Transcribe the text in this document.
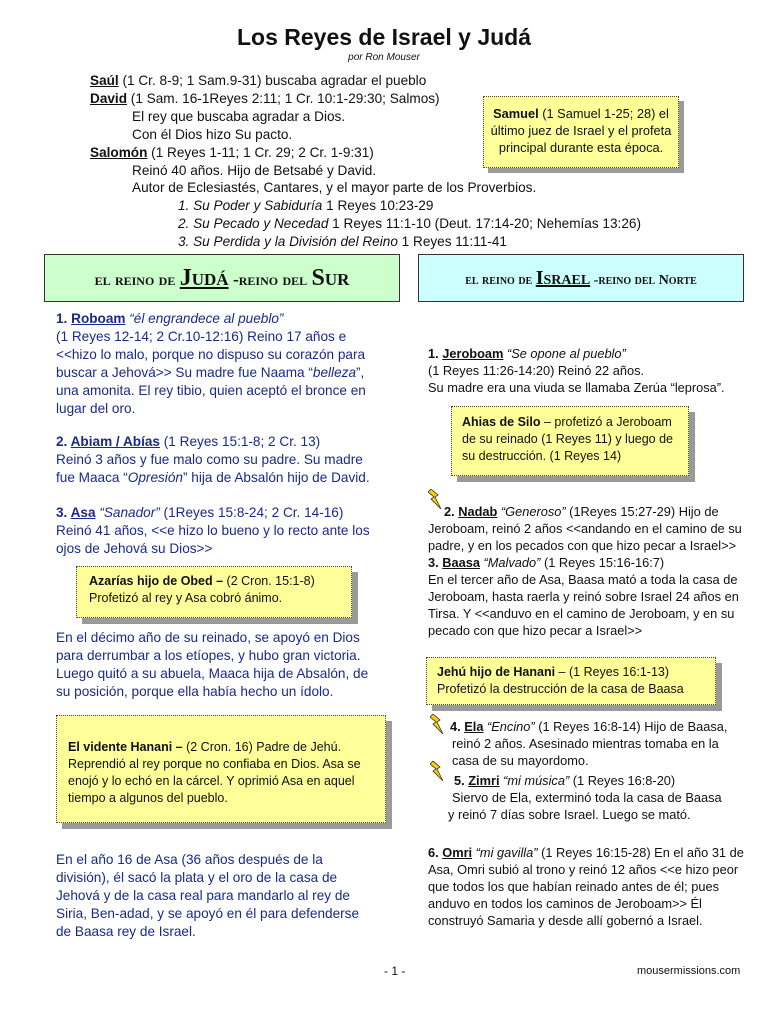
Los Reyes de Israel y Judá
por Ron Mouser
Saúl (1 Cr. 8-9; 1 Sam.9-31) buscaba agradar el pueblo
David (1 Sam. 16-1Reyes 2:11; 1 Cr. 10:1-29:30; Salmos)
El rey que buscaba agradar a Dios.
Con él Dios hizo Su pacto.
Salomón (1 Reyes 1-11; 1 Cr. 29; 2 Cr. 1-9:31)
Reinó 40 años. Hijo de Betsabé y David.
Autor de Eclesiastés, Cantares, y el mayor parte de los Proverbios.
1. Su Poder y Sabiduría 1 Reyes 10:23-29
2. Su Pecado y Necedad 1 Reyes 11:1-10 (Deut. 17:14-20; Nehemías 13:26)
3. Su Perdida y la División del Reino 1 Reyes 11:11-41
Samuel (1 Samuel 1-25; 28) el
último juez de Israel y el profeta
principal durante esta época.
el reino de Judá -reino del Sur	el reino de Israel -reino del Norte
1. Roboam “él engrandece al pueblo”
(1 Reyes 12-14; 2 Cr.10-12:16) Reino 17 años e
<<hizo lo malo, porque no dispuso su corazón para
buscar a Jehová>> Su madre fue Naama “belleza”,
una amonita. El rey tibio, quien aceptó el bronce en
lugar del oro.
2. Abiam / Abías (1 Reyes 15:1-8; 2 Cr. 13)
Reinó 3 años y fue malo como su padre. Su madre
fue Maaca “Opresión” hija de Absalón hijo de David.
3. Asa “Sanador” (1Reyes 15:8-24; 2 Cr. 14-16)
Reinó 41 años, <<e hizo lo bueno y lo recto ante los
ojos de Jehová su Dios>>
Azarías hijo de Obed – (2 Cron. 15:1-8)
Profetizó al rey y Asa cobró ánimo.
En el décimo año de su reinado, se apoyó en Dios
para derrumbar a los etíopes, y hubo gran victoria.
Luego quitó a su abuela, Maaca hija de Absalón, de
su posición, porque ella había hecho un ídolo.
El vidente Hanani – (2 Cron. 16) Padre de Jehú.
Reprendió al rey porque no confiaba en Dios. Asa se
enojó y lo echó en la cárcel. Y oprimió Asa en aquel
tiempo a algunos del pueblo.
En el año 16 de Asa (36 años después de la
división), él sacó la plata y el oro de la casa de
Jehová y de la casa real para mandarlo al rey de
Siria, Ben-adad, y se apoyó en él para defenderse
de Baasa rey de Israel.
1. Jeroboam “Se opone al pueblo”
(1 Reyes 11:26-14:20) Reinó 22 años.
Su madre era una viuda se llamaba Zerúa “leprosa”.
Ahias de Silo – profetizó a Jeroboam
de su reinado (1 Reyes 11) y luego de
su destrucción. (1 Reyes 14)
2. Nadab “Generoso” (1Reyes 15:27-29) Hijo de
Jeroboam, reinó 2 años <<andando en el camino de su
padre, y en los pecados con que hizo pecar a Israel>>
3. Baasa “Malvado” (1 Reyes 15:16-16:7)
En el tercer año de Asa, Baasa mató a toda la casa de
Jeroboam, hasta raerla y reinó sobre Israel 24 años en
Tirsa. Y <<anduvo en el camino de Jeroboam, y en su
pecado con que hizo pecar a Israel>>
Jehú hijo de Hanani – (1 Reyes 16:1-13)
Profetizó la destrucción de la casa de Baasa
4. Ela “Encino” (1 Reyes 16:8-14) Hijo de Baasa,
reinó 2 años. Asesinado mientras tomaba en la
casa de su mayordomo.
5. Zimri “mi música” (1 Reyes 16:8-20)
Siervo de Ela, exterminó toda la casa de Baasa
y reinó 7 días sobre Israel. Luego se mató.
6. Omri “mi gavilla” (1 Reyes 16:15-28) En el año 31 de
Asa, Omri subió al trono y reinó 12 años <<e hizo peor
que todos los que habían reinado antes de él; pues
anduvo en todos los caminos de Jeroboam>> Él
construyó Samaria y desde allí gobernó a Israel.
- 1 -	mousermissions.com
